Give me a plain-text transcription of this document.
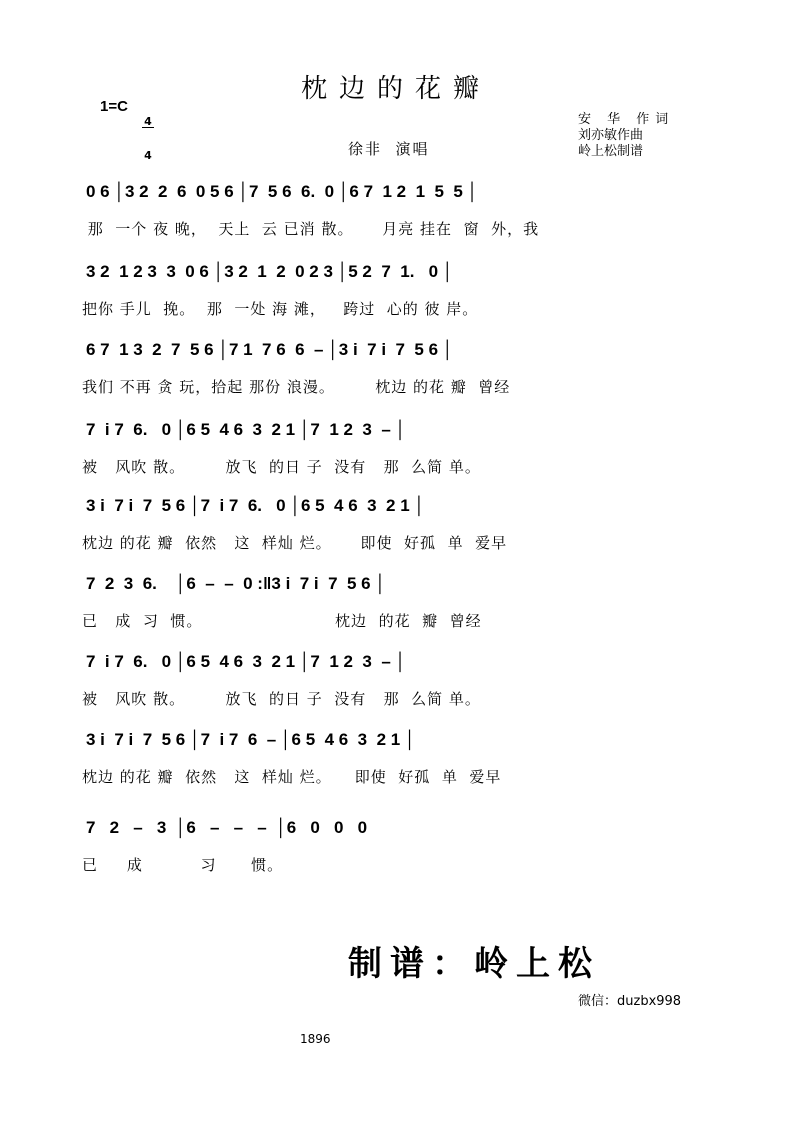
枕边的花瓣
1=C

4

4	徐非  演唱
安 华 作词
刘亦敏作曲
岭上松制谱
0 6 │3 2  2  6  0 5 6 │7  5 6  6.  0 │6 7  1 2  1  5  5 │
那  一个 夜 晚，  天上  云 已消 散。     月亮 挂在  窗  外，我
3 2  1 2 3  3  0 6 │3 2  1  2  0 2 3 │5 2  7  1.   0 │
把你 手儿  挽。  那  一处 海 滩，   跨过  心的 彼 岸。
6 7  1 3  2  7  5 6 │7 1  7 6  6  – │3 i  7 i  7  5 6 │
我们 不再 贪 玩，拾起 那份 浪漫。       枕边 的花 瓣  曾经
7  i 7  6.   0 │6 5  4 6  3  2 1 │7  1 2  3  – │
被   风吹 散。       放飞  的日 子  没有   那  么简 单。
3 i  7 i  7  5 6 │7  i 7  6.   0 │6 5  4 6  3  2 1 │
枕边 的花 瓣  依然   这  样灿 烂。     即使  好孤  单  爱早
7  2  3  6.    │6  –  –  0 :‖3 i  7 i  7  5 6 │
已   成  习  惯。                       枕边  的花  瓣  曾经
7  i 7  6.   0 │6 5  4 6  3  2 1 │7  1 2  3  – │
被   风吹 散。       放飞  的日 子  没有   那  么简 单。
3 i  7 i  7  5 6 │7  i 7  6  – │6 5  4 6  3  2 1 │
枕边 的花 瓣  依然   这  样灿 烂。    即使  好孤  单  爱早
7   2   –   3  │6   –   –   –  │6   0   0   0
已     成          习      惯。
制谱：岭上松
微信：duzbx998
1896
